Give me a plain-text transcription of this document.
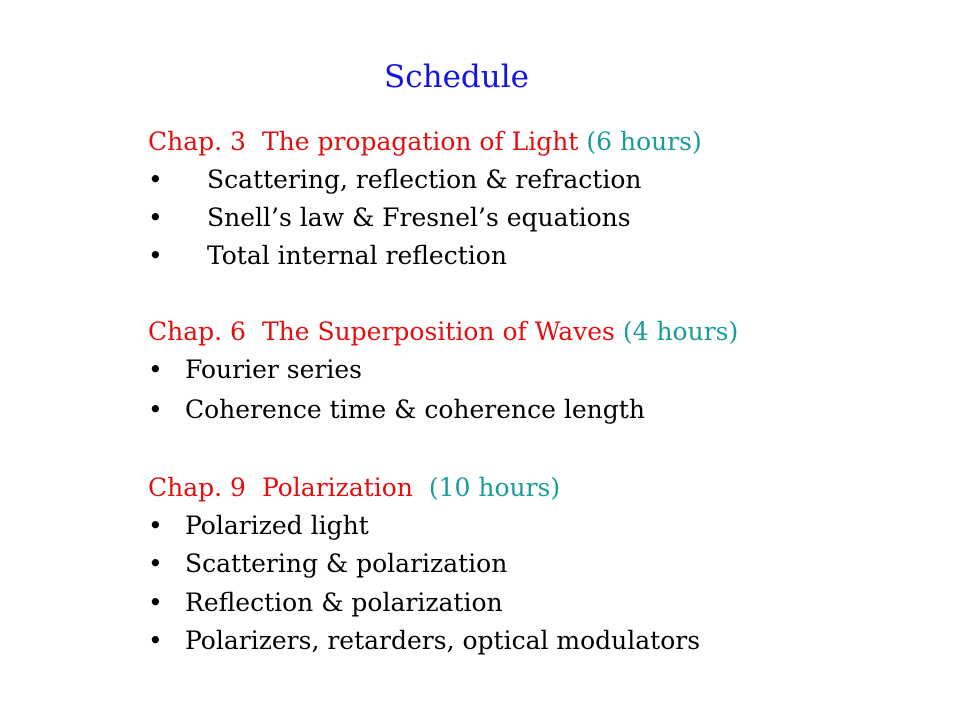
Schedule
Chap. 3 The propagation of Light (6 hours)
• Scattering, reflection & refraction
• Snell’s law & Fresnel’s equations
• Total internal reflection
Chap. 6 The Superposition of Waves (4 hours)
• Fourier series
• Coherence time & coherence length
Chap. 9 Polarization (10 hours)
• Polarized light
• Scattering & polarization
• Reflection & polarization
• Polarizers, retarders, optical modulators
